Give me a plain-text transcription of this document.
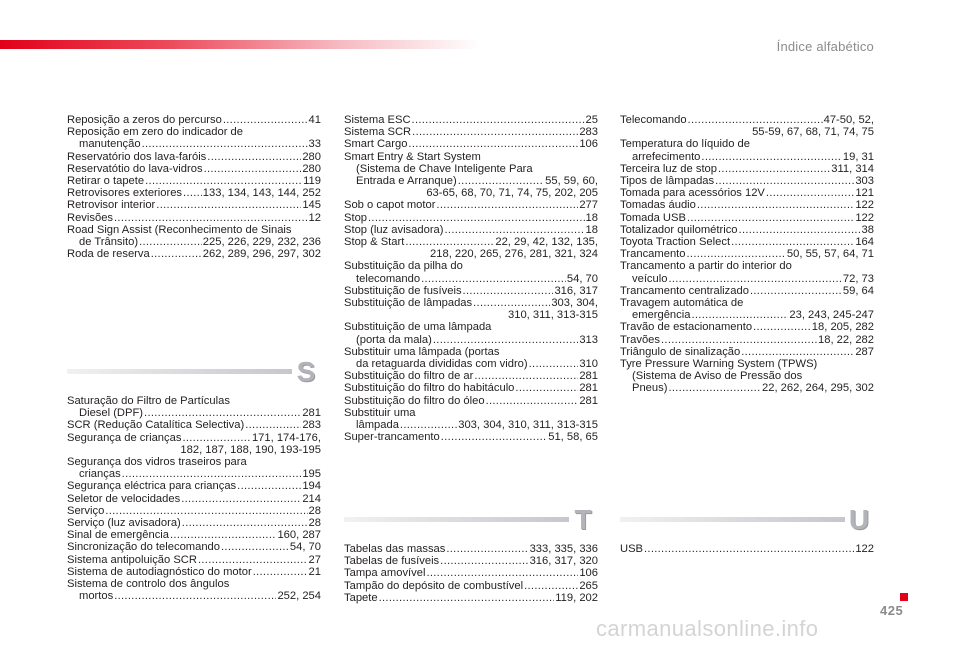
Índice alfabético
Reposição a zeros do percurso .....	41
Reposição em zero do indicador de
manutenção .....	33
Reservatório dos lava-faróis .....	280
Reservatótio do lava-vidros .....	280
Retirar o tapete .....	119
Retrovisores exteriores ..... 133, 134, 143, 144, 252
Retrovisor interior .....	145
Revisões .....	12
Road Sign Assist (Reconhecimento de Sinais
de Trânsito) .....	225, 226, 229, 232, 236
Roda de reserva .....	262, 289, 296, 297, 302
S
Saturação do Filtro de Partículas
Diesel (DPF) .....	281
SCR (Redução Catalítica Selectiva) .....	283
Segurança de crianças .....	171, 174-176,
182, 187, 188, 190, 193-195
Segurança dos vidros traseiros para
crianças .....	195
Segurança eléctrica para crianças .....	194
Seletor de velocidades .....	214
Serviço .....	28
Serviço (luz avisadora) .....	28
Sinal de emergência .....	160, 287
Sincronização do telecomando .....	54, 70
Sistema antipoluição SCR .....	27
Sistema de autodiagnóstico do motor .....	21
Sistema de controlo dos ângulos
mortos .....	252, 254
Sistema ESC .....	25
Sistema SCR .....	283
Smart Cargo .....	106
Smart Entry & Start System
(Sistema de Chave Inteligente Para
Entrada e Arranque) .....	55, 59, 60,
63-65, 68, 70, 71, 74, 75, 202, 205
Sob o capot motor .....	277
Stop .....	18
Stop (luz avisadora) .....	18
Stop & Start .....	22, 29, 42, 132, 135,
218, 220, 265, 276, 281, 321, 324
Substituição da pilha do
telecomando .....	54, 70
Substituição de fusíveis .....	316, 317
Substituição de lâmpadas .....	303, 304,
310, 311, 313-315
Substituição de uma lâmpada
(porta da mala) .....	313
Substituir uma lâmpada (portas
da retaguarda divididas com vidro) .....	310
Substituição do filtro de ar .....	281
Substituição do filtro do habitáculo .....	281
Substituição do filtro do óleo .....	281
Substituir uma
lâmpada .....	303, 304, 310, 311, 313-315
Super-trancamento .....	51, 58, 65
T
Tabelas das massas .....	333, 335, 336
Tabelas de fusíveis .....	316, 317, 320
Tampa amovível .....	106
Tampão do depósito de combustível .....	265
Tapete .....	119, 202
Telecomando .....	47-50, 52,
55-59, 67, 68, 71, 74, 75
Temperatura do líquido de
arrefecimento .....	19, 31
Terceira luz de stop .....	311, 314
Tipos de lâmpadas .....	303
Tomada para acessórios 12V .....	121
Tomadas áudio .....	122
Tomada USB .....	122
Totalizador quilométrico .....	38
Toyota Traction Select .....	164
Trancamento .....	50, 55, 57, 64, 71
Trancamento a partir do interior do
veículo .....	72, 73
Trancamento centralizado .....	59, 64
Travagem automática de
emergência .....	23, 243, 245-247
Travão de estacionamento .....	18, 205, 282
Travões .....	18, 22, 282
Triângulo de sinalização .....	287
Tyre Pressure Warning System (TPWS)
(Sistema de Aviso de Pressão dos
Pneus) .....	22, 262, 264, 295, 302
U
USB .....	122
425
carmanualsonline.info
